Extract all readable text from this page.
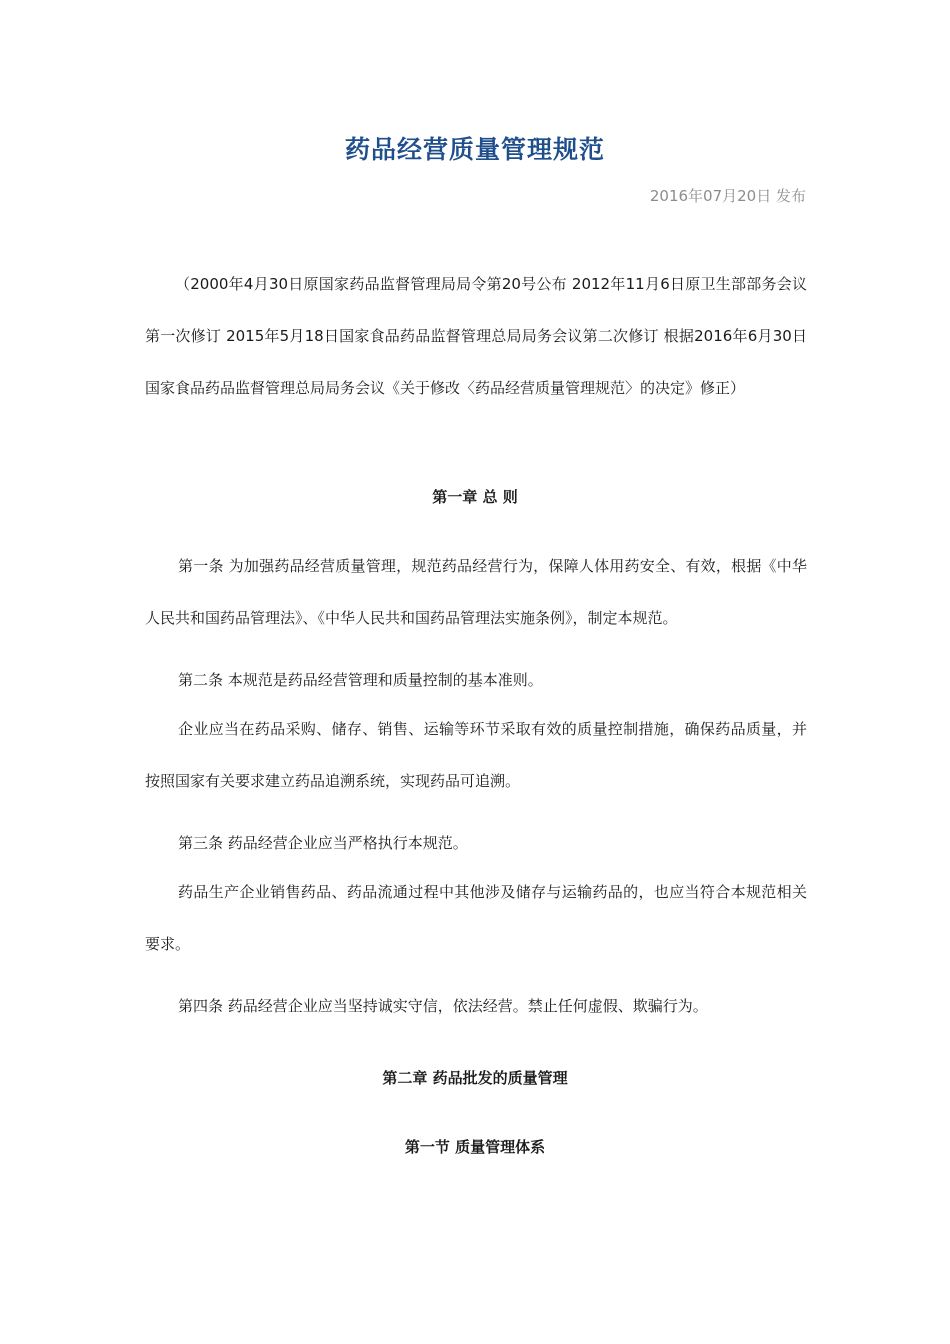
药品经营质量管理规范
2016年07月20日 发布

（2000年4月30日原国家药品监督管理局局令第20号公布 2012年11月6日原卫生部部务会议第一次修订 2015年5月18日国家食品药品监督管理总局局务会议第二次修订 根据2016年6月30日国家食品药品监督管理总局局务会议《关于修改〈药品经营质量管理规范〉的决定》修正）

第一章 总 则

第一条 为加强药品经营质量管理，规范药品经营行为，保障人体用药安全、有效，根据《中华人民共和国药品管理法》、《中华人民共和国药品管理法实施条例》，制定本规范。

第二条 本规范是药品经营管理和质量控制的基本准则。

企业应当在药品采购、储存、销售、运输等环节采取有效的质量控制措施，确保药品质量，并按照国家有关要求建立药品追溯系统，实现药品可追溯。

第三条 药品经营企业应当严格执行本规范。

药品生产企业销售药品、药品流通过程中其他涉及储存与运输药品的，也应当符合本规范相关要求。

第四条 药品经营企业应当坚持诚实守信，依法经营。禁止任何虚假、欺骗行为。

第二章 药品批发的质量管理
第一节 质量管理体系
